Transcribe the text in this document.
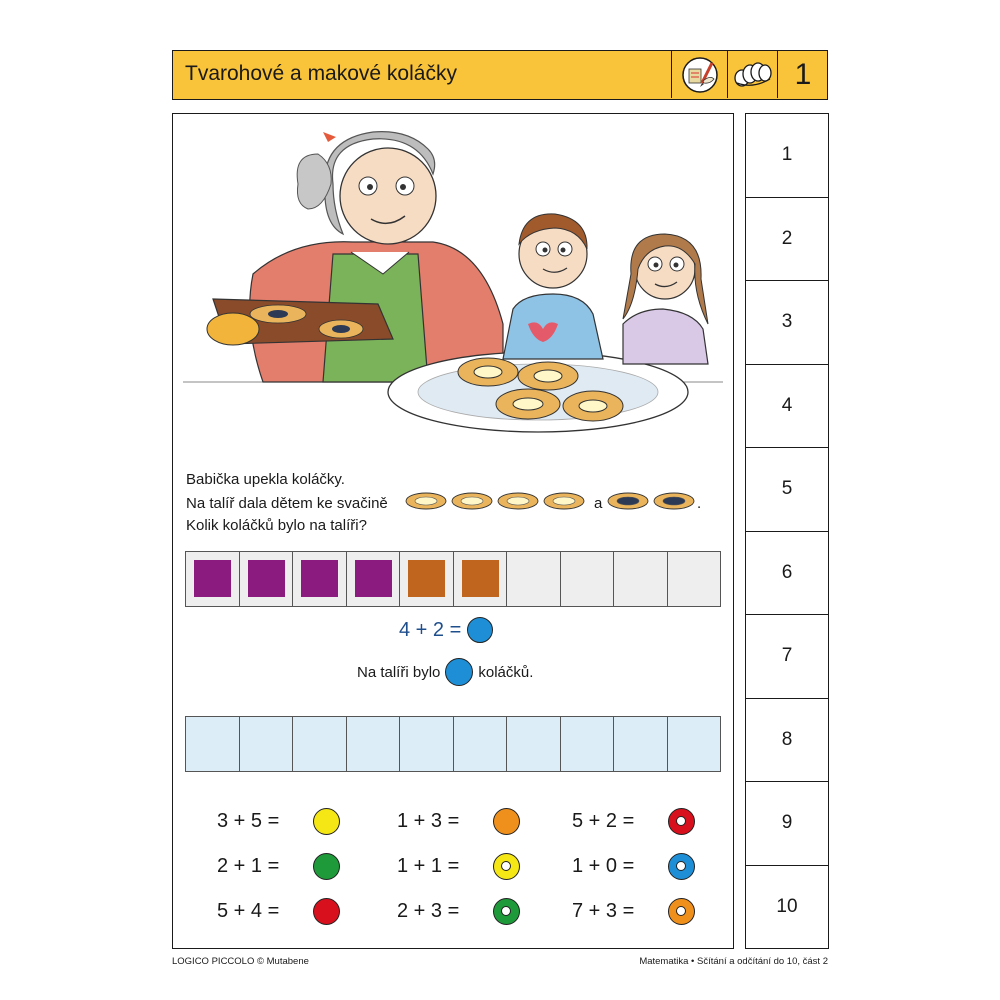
Tvarohové a makové koláčky	1
Babička upekla koláčky.
Na talíř dala dětem ke svačině	a	.
Kolik koláčků bylo na talíři?
4 + 2 =
Na talíři bylo	koláčků.
3 + 5 =	1 + 3 =	5 + 2 =
2 + 1 =	1 + 1 =	1 + 0 =
5 + 4 =	2 + 3 =	7 + 3 =
1
2
3
4
5
6
7
8
9
10
LOGICO PICCOLO © Mutabene	Matematika • Sčítání a odčítání do 10, část 2
